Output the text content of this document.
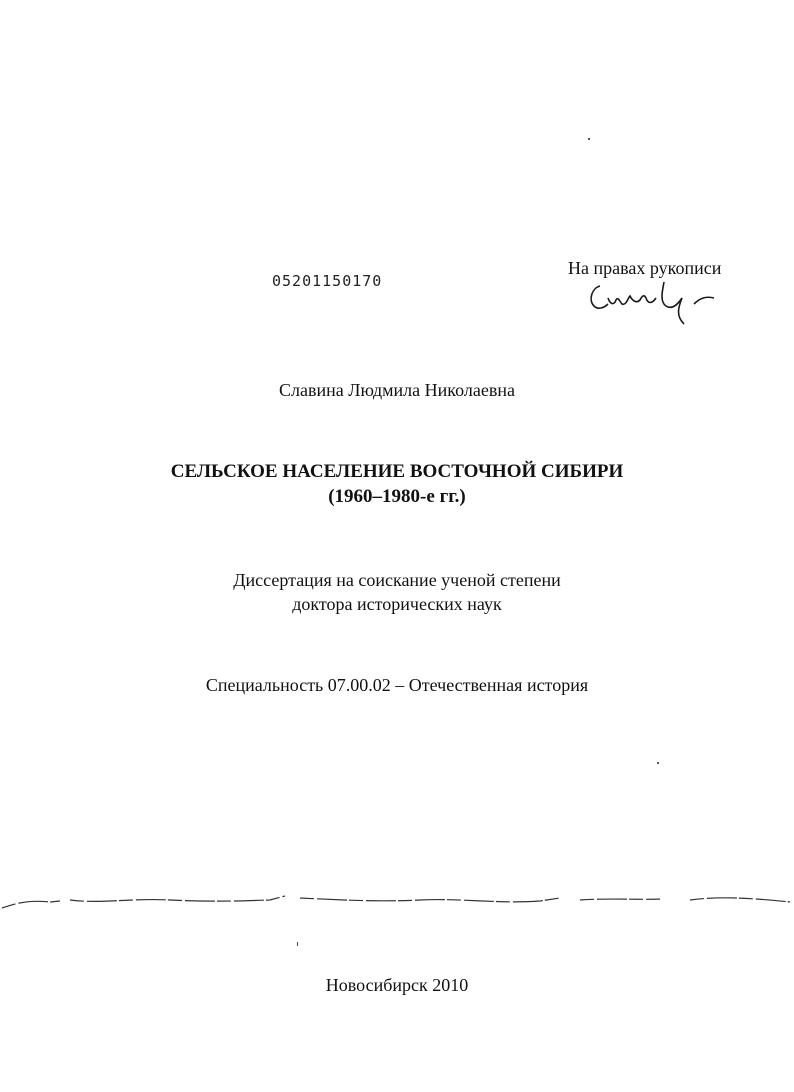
05201150170
На правах рукописи
Славина Людмила Николаевна
СЕЛЬСКОЕ НАСЕЛЕНИЕ ВОСТОЧНОЙ СИБИРИ
(1960–1980-е гг.)
Диссертация на соискание ученой степени
доктора исторических наук
Специальность 07.00.02 – Отечественная история
Новосибирск 2010
